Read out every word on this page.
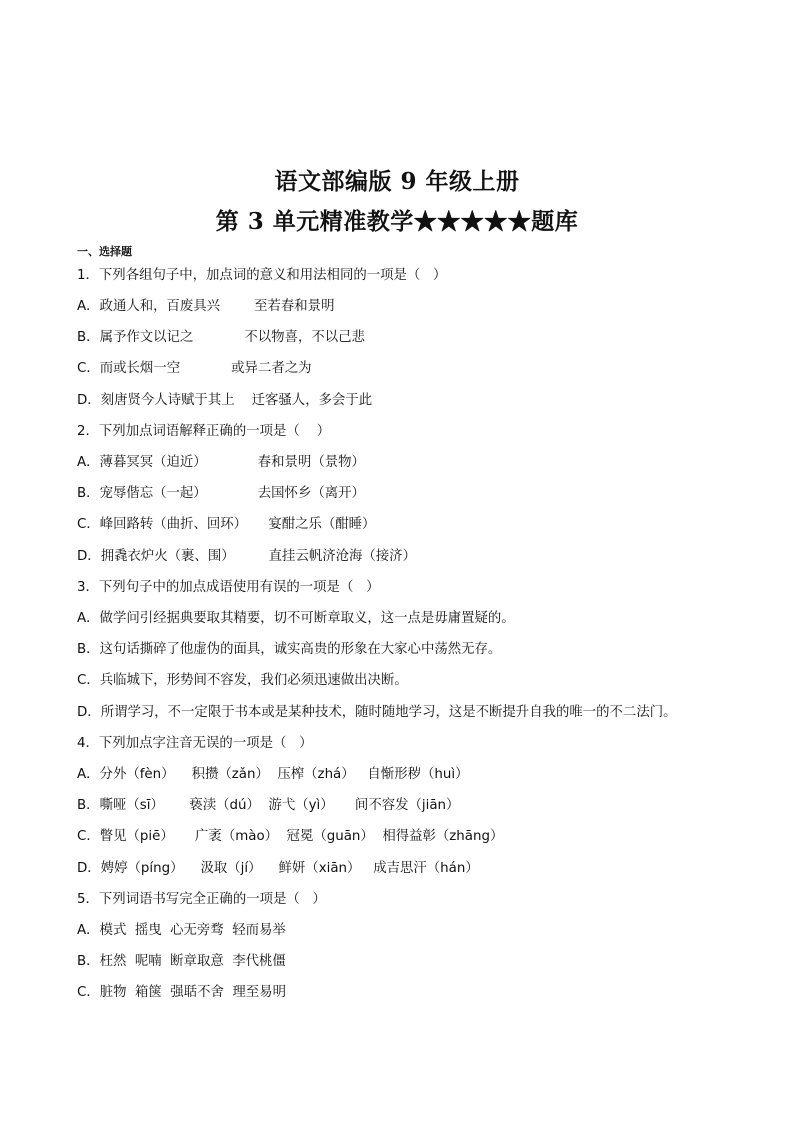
语文部编版 9 年级上册
第 3 单元精准教学★★★★★题库
一、选择题
1．下列各组句子中，加点词的意义和用法相同的一项是（   ）
A．政通人和，百废具兴        至若春和景明
B．属予作文以记之            不以物喜，不以己悲
C．而或长烟一空            或异二者之为
D．刻唐贤今人诗赋于其上    迁客骚人，多会于此
2．下列加点词语解释正确的一项是（    ）
A．薄暮冥冥（迫近）            春和景明（景物）
B．宠辱偕忘（一起）            去国怀乡（离开）
C．峰回路转（曲折、回环）     宴酣之乐（酣睡）
D．拥毳衣炉火（裹、围）        直挂云帆济沧海（接济）
3．下列句子中的加点成语使用有误的一项是（   ）
A．做学问引经据典要取其精要，切不可断章取义，这一点是毋庸置疑的。
B．这句话撕碎了他虚伪的面具，诚实高贵的形象在大家心中荡然无存。
C．兵临城下，形势间不容发，我们必须迅速做出决断。
D．所谓学习，不一定限于书本或是某种技术，随时随地学习，这是不断提升自我的唯一的不二法门。
4．下列加点字注音无误的一项是（   ）
A．分外（fèn）    积攒（zǎn）  压榨（zhá）   自惭形秽（huì）
B．嘶哑（sī）      亵渎（dú）  游弋（yì）     间不容发（jiān）
C．瞥见（piē）     广袤（mào）  冠冕（guān）  相得益彰（zhāng）
D．娉婷（píng）    汲取（jí）    鲜妍（xiān）   成吉思汗（hán）
5．下列词语书写完全正确的一项是（   ）
A．模式  摇曳  心无旁骛  轻而易举
B．枉然  呢喃  断章取意  李代桃僵
C．脏物  箱箧  强聒不舍  理至易明
